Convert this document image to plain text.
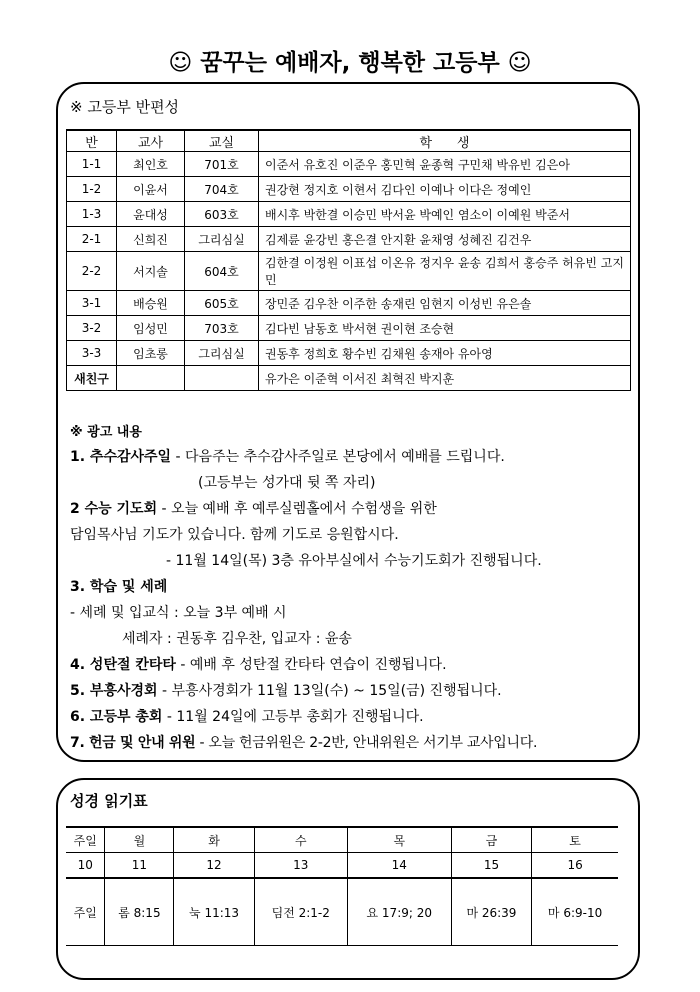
☺ 꿈꾸는 예배자, 행복한 고등부 ☺
※ 고등부 반편성
반	교사	교실	학      생
1-1	최인호	701호	이준서 유호진 이준우 홍민혁 윤종혁 구민채 박유빈 김은아
1-2	이윤서	704호	권강현 정지호 이현서 김다인 이예나 이다은 정예인
1-3	윤대성	603호	배시후 박한결 이승민 박서윤 박예인 염소이 이예원 박준서
2-1	신희진	그리심실	김제륜 윤강빈 홍은결 안지환 윤채영 성혜진 김건우
2-2	서지솔	604호	김한결 이정원 이표섭 이온유 정지우 윤송 김희서 홍승주 허유빈 고지민
3-1	배승원	605호	장민준 김우찬 이주한 송재린 임현지 이성빈 유은솔
3-2	임성민	703호	김다빈 남동호 박서현 권이현 조승현
3-3	임초롱	그리심실	권동후 정희호 황수빈 김채원 송재아 유아영
새친구			유가은 이준혁 이서진 최혁진 박지훈
※ 광고 내용
1. 추수감사주일 - 다음주는 추수감사주일로 본당에서 예배를 드립니다.
(고등부는 성가대 뒷 쪽 자리)
2 수능 기도회 - 오늘 예배 후 예루실렘홀에서 수험생을 위한
담임목사님 기도가 있습니다. 함께 기도로 응원합시다.
- 11월 14일(목) 3층 유아부실에서 수능기도회가 진행됩니다.
3. 학습 및 세례
- 세례 및 입교식 : 오늘 3부 예배 시
세례자 : 권동후 김우찬, 입교자 : 윤송
4. 성탄절 칸타타 - 예배 후 성탄절 칸타타 연습이 진행됩니다.
5. 부흥사경회 - 부흥사경회가 11월 13일(수) ~ 15일(금) 진행됩니다.
6. 고등부 총회 - 11월 24일에 고등부 총회가 진행됩니다.
7. 헌금 및 안내 위원 - 오늘 헌금위원은 2-2반, 안내위원은 서기부 교사입니다.
성경 읽기표
주일	월	화	수	목	금	토
10	11	12	13	14	15	16
주일	롬 8:15	눅 11:13	딤전 2:1-2	요 17:9; 20	마 26:39	마 6:9-10
